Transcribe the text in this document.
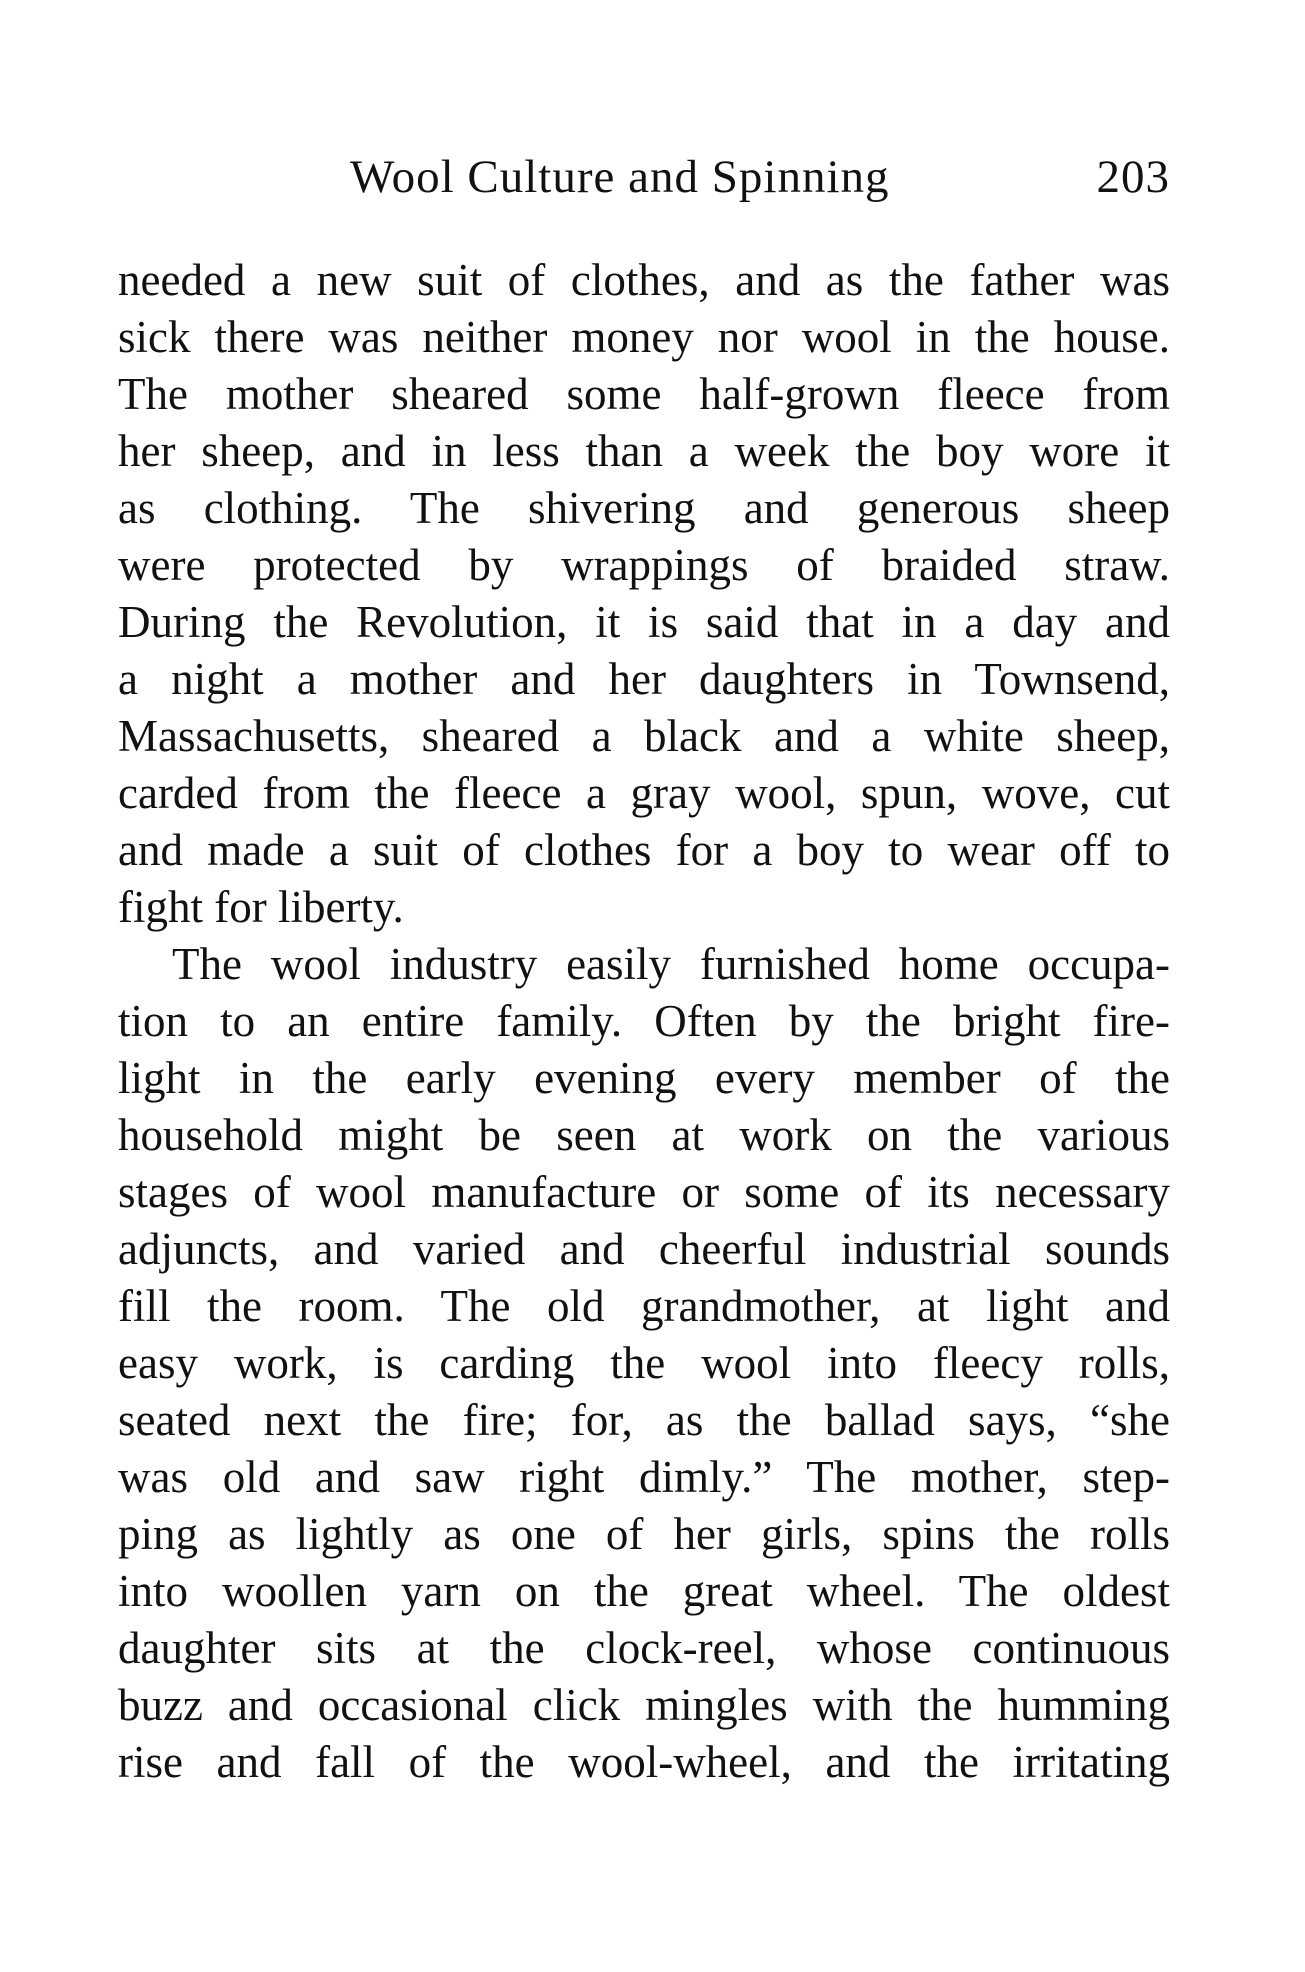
Wool Culture and Spinning	203
needed a new suit of clothes, and as the father was
sick there was neither money nor wool in the house.
The mother sheared some half-grown fleece from
her sheep, and in less than a week the boy wore it
as clothing. The shivering and generous sheep
were protected by wrappings of braided straw.
During the Revolution, it is said that in a day and
a night a mother and her daughters in Townsend,
Massachusetts, sheared a black and a white sheep,
carded from the fleece a gray wool, spun, wove, cut
and made a suit of clothes for a boy to wear off to
fight for liberty.
The wool industry easily furnished home occupa-
tion to an entire family. Often by the bright fire-
light in the early evening every member of the
household might be seen at work on the various
stages of wool manufacture or some of its necessary
adjuncts, and varied and cheerful industrial sounds
fill the room. The old grandmother, at light and
easy work, is carding the wool into fleecy rolls,
seated next the fire; for, as the ballad says, “she
was old and saw right dimly.” The mother, step-
ping as lightly as one of her girls, spins the rolls
into woollen yarn on the great wheel. The oldest
daughter sits at the clock-reel, whose continuous
buzz and occasional click mingles with the humming
rise and fall of the wool-wheel, and the irritating
